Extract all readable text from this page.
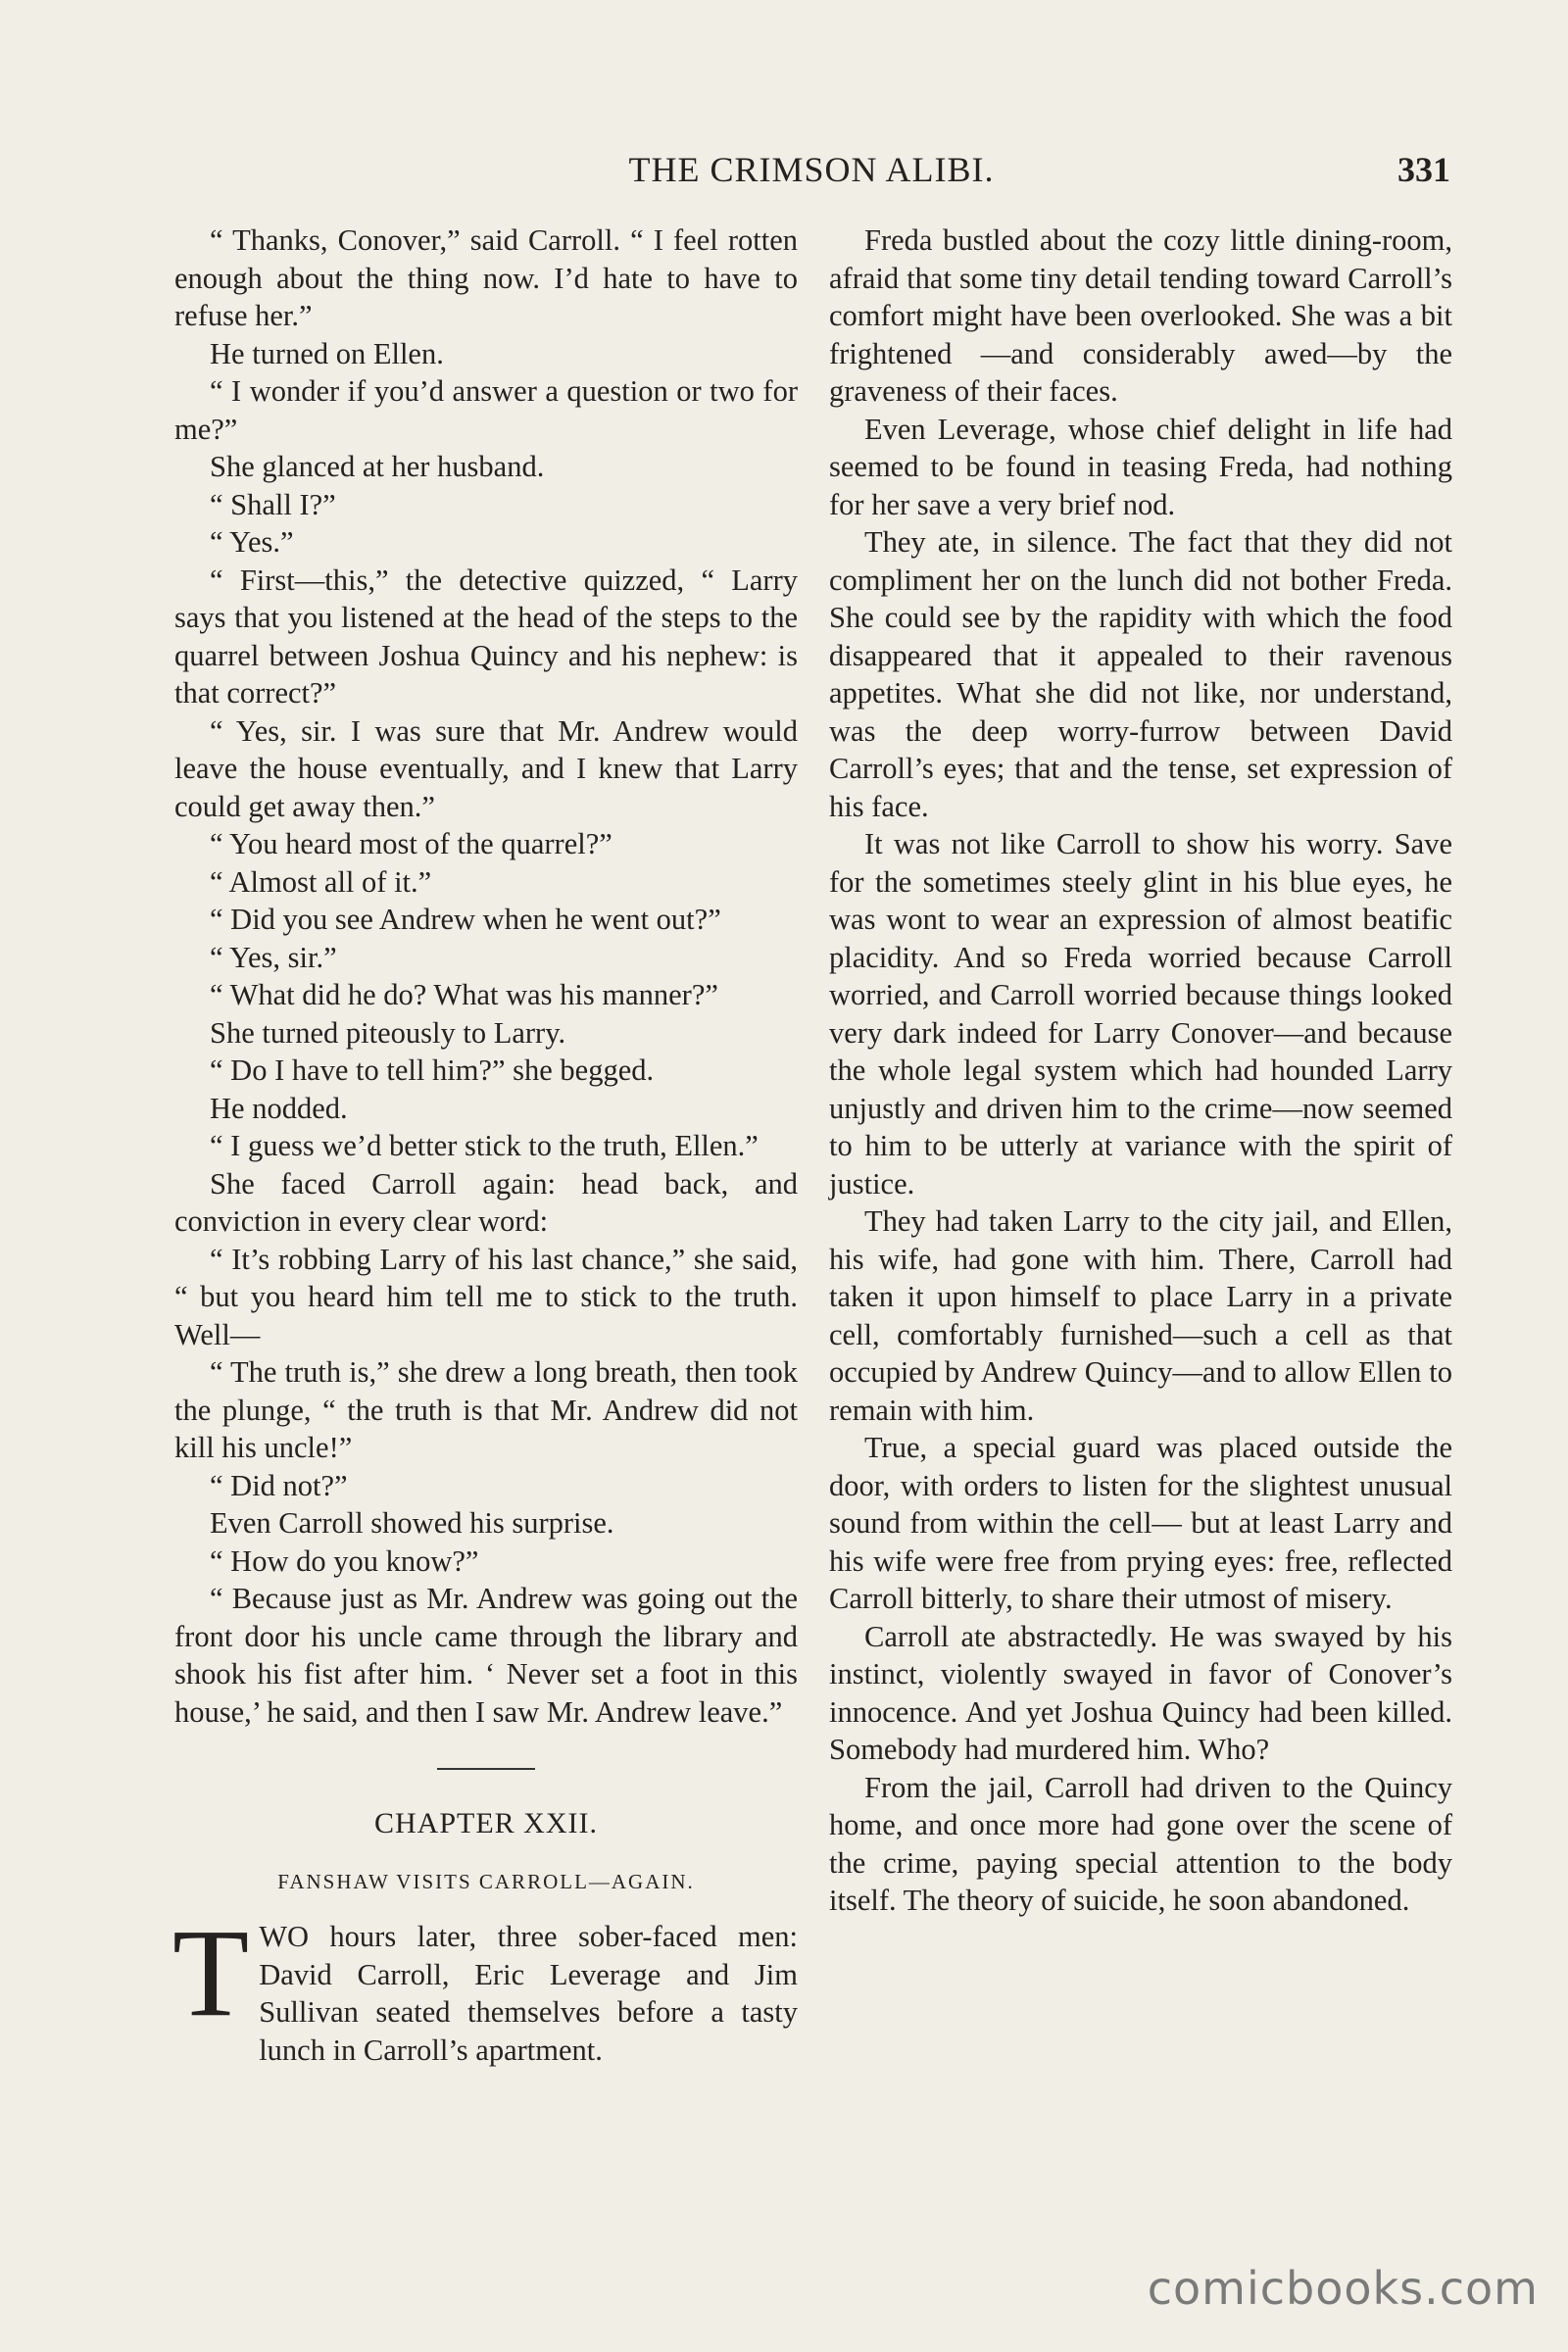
THE CRIMSON ALIBI.	331

“ Thanks, Conover,” said Carroll. “ I feel rotten enough about the thing now. I’d hate to have to refuse her.”

He turned on Ellen.

“ I wonder if you’d answer a question or two for me?”

She glanced at her husband.

“ Shall I?”

“ Yes.”

“ First—this,” the detective quizzed, “ Larry says that you listened at the head of the steps to the quarrel between Joshua Quincy and his nephew: is that correct?”

“ Yes, sir. I was sure that Mr. Andrew would leave the house eventually, and I knew that Larry could get away then.”

“ You heard most of the quarrel?”

“ Almost all of it.”

“ Did you see Andrew when he went out?”

“ Yes, sir.”

“ What did he do? What was his manner?”

She turned piteously to Larry.

“ Do I have to tell him?” she begged.

He nodded.

“ I guess we’d better stick to the truth, Ellen.”

She faced Carroll again: head back, and conviction in every clear word:

“ It’s robbing Larry of his last chance,” she said, “ but you heard him tell me to stick to the truth. Well—

“ The truth is,” she drew a long breath, then took the plunge, “ the truth is that Mr. Andrew did not kill his uncle!”

“ Did not?”

Even Carroll showed his surprise.

“ How do you know?”

“ Because just as Mr. Andrew was going out the front door his uncle came through the library and shook his fist after him. ‘ Never set a foot in this house,’ he said, and then I saw Mr. Andrew leave.”

CHAPTER XXII.
FANSHAW VISITS CARROLL—AGAIN.
T WO hours later, three sober-faced men: David Carroll, Eric Leverage and Jim Sullivan seated themselves before a tasty lunch in Carroll’s apartment.

Freda bustled about the cozy little dining-room, afraid that some tiny detail tending toward Carroll’s comfort might have been overlooked. She was a bit frightened —and considerably awed—by the graveness of their faces.

Even Leverage, whose chief delight in life had seemed to be found in teasing Freda, had nothing for her save a very brief nod.

They ate, in silence. The fact that they did not compliment her on the lunch did not bother Freda. She could see by the rapidity with which the food disappeared that it appealed to their ravenous appetites. What she did not like, nor understand, was the deep worry-furrow between David Carroll’s eyes; that and the tense, set expression of his face.

It was not like Carroll to show his worry. Save for the sometimes steely glint in his blue eyes, he was wont to wear an expression of almost beatific placidity. And so Freda worried because Carroll worried, and Carroll worried because things looked very dark indeed for Larry Conover—and because the whole legal system which had hounded Larry unjustly and driven him to the crime—now seemed to him to be utterly at variance with the spirit of justice.

They had taken Larry to the city jail, and Ellen, his wife, had gone with him. There, Carroll had taken it upon himself to place Larry in a private cell, comfortably furnished—such a cell as that occupied by Andrew Quincy—and to allow Ellen to remain with him.

True, a special guard was placed outside the door, with orders to listen for the slightest unusual sound from within the cell— but at least Larry and his wife were free from prying eyes: free, reflected Carroll bitterly, to share their utmost of misery.

Carroll ate abstractedly. He was swayed by his instinct, violently swayed in favor of Conover’s innocence. And yet Joshua Quincy had been killed. Somebody had murdered him. Who?

From the jail, Carroll had driven to the Quincy home, and once more had gone over the scene of the crime, paying special attention to the body itself. The theory of suicide, he soon abandoned.

comicbooks.com
